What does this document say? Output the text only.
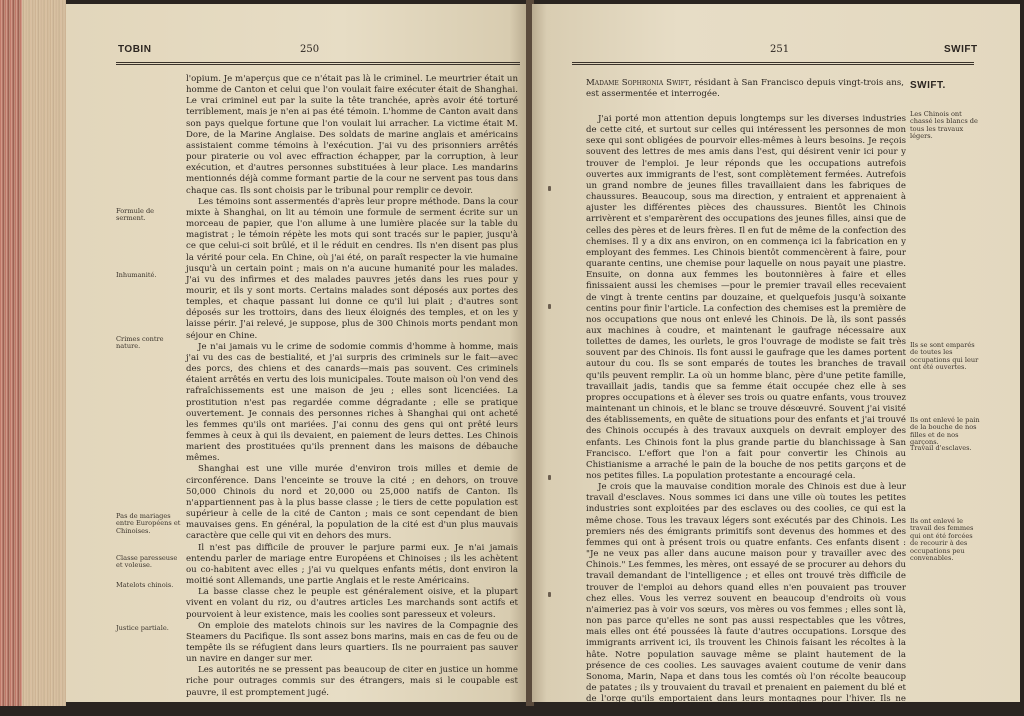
TOBIN	250

l'opium. Je m'aperçus que ce n'était pas là le criminel. Le meurtrier était un homme de Canton et celui que l'on voulait faire exécuter était de Shanghai. Le vrai criminel eut par la suite la tête tranchée, après avoir été torturé terriblement, mais je n'en ai pas été témoin. L'homme de Canton avait dans son pays quelque fortune que l'on voulait lui arracher. La victime était M. Dore, de la Marine Anglaise. Des soldats de marine anglais et américains assistaient comme témoins à l'exécution. J'ai vu des prisonniers arrêtés pour piraterie ou vol avec effraction échapper, par la corruption, à leur exécution, et d'autres personnes substituées à leur place. Les mandarins mentionnés déjà comme formant partie de la cour ne servent pas tous dans chaque cas. Ils sont choisis par le tribunal pour remplir ce devoir.

Les témoins sont assermentés d'après leur propre méthode. Dans la cour mixte à Shanghai, on lit au témoin une formule de serment écrite sur un morceau de papier, que l'on allume à une lumière placée sur la table du magistrat ; le témoin répète les mots qui sont tracés sur le papier, jusqu'à ce que celui-ci soit brûlé, et il le réduit en cendres. Ils n'en disent pas plus la vérité pour cela. En Chine, où j'ai été, on paraît respecter la vie humaine jusqu'à un certain point ; mais on n'a aucune humanité pour les malades. J'ai vu des infirmes et des malades pauvres jetés dans les rues pour y mourir, et ils y sont morts. Certains malades sont déposés aux portes des temples, et chaque passant lui donne ce qu'il lui plait ; d'autres sont déposés sur les trottoirs, dans des lieux éloignés des temples, et on les y laisse périr. J'ai relevé, je suppose, plus de 300 Chinois morts pendant mon séjour en Chine.

Je n'ai jamais vu le crime de sodomie commis d'homme à homme, mais j'ai vu des cas de bestialité, et j'ai surpris des criminels sur le fait—avec des porcs, des chiens et des canards—mais pas souvent. Ces criminels étaient arrêtés en vertu des lois municipales. Toute maison où l'on vend des rafraîchissements est une maison de jeu ; elles sont licenciées. La prostitution n'est pas regardée comme dégradante ; elle se pratique ouvertement. Je connais des personnes riches à Shanghai qui ont acheté les femmes qu'ils ont mariées. J'ai connu des gens qui ont prêté leurs femmes à ceux à qui ils devaient, en paiement de leurs dettes. Les Chinois marient des prostituées qu'ils prennent dans les maisons de débauche mêmes.

Shanghai est une ville murée d'environ trois milles et demie de circonférence. Dans l'enceinte se trouve la cité ; en dehors, on trouve 50,000 Chinois du nord et 20,000 ou 25,000 natifs de Canton. Ils n'appartiennent pas à la plus basse classe ; le tiers de cette population est supérieur à celle de la cité de Canton ; mais ce sont cependant de bien mauvaises gens. En général, la population de la cité est d'un plus mauvais caractère que celle qui vit en dehors des murs.

Il n'est pas difficile de prouver le parjure parmi eux. Je n'ai jamais entendu parler de mariage entre Européens et Chinoises ; ils les achètent ou co-habitent avec elles ; j'ai vu quelques enfants métis, dont environ la moitié sont Allemands, une partie Anglais et le reste Américains.

La basse classe chez le peuple est généralement oisive, et la plupart vivent en volant du riz, ou d'autres articles Les marchands sont actifs et pourvoient à leur existence, mais les coolies sont paresseux et voleurs.

On emploie des matelots chinois sur les navires de la Compagnie des Steamers du Pacifique. Ils sont assez bons marins, mais en cas de feu ou de tempête ils se réfugient dans leurs quartiers. Ils ne pourraient pas sauver un navire en danger sur mer.

Les autorités ne se pressent pas beaucoup de citer en justice un homme riche pour outrages commis sur des étrangers, mais si le coupable est pauvre, il est promptement jugé.

Formule de serment.
Inhumanité.
Crimes contre nature.
Pas de mariages entre Européens et Chinoises.
Classe paresseuse et voleuse.
Matelots chinois.
Justice partiale.
251	SWIFT

Madame Sophronia Swift, résidant à San Francisco depuis vingt-trois ans, est assermentée et interrogée.

SWIFT.

J'ai porté mon attention depuis longtemps sur les diverses industries de cette cité, et surtout sur celles qui intéressent les personnes de mon sexe qui sont obligées de pourvoir elles-mêmes à leurs besoins. Je reçois souvent des lettres de mes amis dans l'est, qui désirent venir ici pour y trouver de l'emploi. Je leur réponds que les occupations autrefois ouvertes aux immigrants de l'est, sont complètement fermées. Autrefois un grand nombre de jeunes filles travaillaient dans les fabriques de chaussures. Beaucoup, sous ma direction, y entraient et apprenaient à ajuster les différentes pièces des chaussures. Bientôt les Chinois arrivèrent et s'emparèrent des occupations des jeunes filles, ainsi que de celles des pères et de leurs frères. Il en fut de même de la confection des chemises. Il y a dix ans environ, on en commença ici la fabrication en y employant des femmes. Les Chinois bientôt commencèrent à faire, pour quarante centins, une chemise pour laquelle on nous payait une piastre. Ensuite, on donna aux femmes les boutonnières à faire et elles finissaient aussi les chemises —pour le premier travail elles recevaient de vingt à trente centins par douzaine, et quelquefois jusqu'à soixante centins pour finir l'article. La confection des chemises est la première de nos occupations que nous ont enlevé les Chinois. De là, ils sont passés aux machines à coudre, et maintenant le gaufrage nécessaire aux toilettes de dames, les ourlets, le gros l'ouvrage de modiste se fait très souvent par des Chinois. Ils font aussi le gaufrage que les dames portent autour du cou. Ils se sont emparés de toutes les branches de travail qu'ils peuvent remplir. La où un homme blanc, père d'une petite famille, travaillait jadis, tandis que sa femme était occupée chez elle à ses propres occupations et à élever ses trois ou quatre enfants, vous trouvez maintenant un chinois, et le blanc se trouve désœuvré. Souvent j'ai visité des établissements, en quête de situations pour des enfants et j'ai trouvé des Chinois occupés à des travaux auxquels on devrait employer des enfants. Les Chinois font la plus grande partie du blanchissage à San Francisco. L'effort que l'on a fait pour convertir les Chinois au Chistianisme a arraché le pain de la bouche de nos petits garçons et de nos petites filles. La population protestante a encouragé cela.

Je crois que la mauvaise condition morale des Chinois est due à leur travail d'esclaves. Nous sommes ici dans une ville où toutes les petites industries sont exploitées par des esclaves ou des coolies, ce qui est la même chose. Tous les travaux légers sont exécutés par des Chinois. Les premiers nés des émigrants primitifs sont devenus des hommes et des femmes qui ont à présent trois ou quatre enfants. Ces enfants disent : "Je ne veux pas aller dans aucune maison pour y travailler avec des Chinois." Les femmes, les mères, ont essayé de se procurer au dehors du travail demandant de l'intelligence ; et elles ont trouvé très difficile de trouver de l'emploi au dehors quand elles n'en pouvaient pas trouver chez elles. Vous les verrez souvent en beaucoup d'endroits où vous n'aimeriez pas à voir vos sœurs, vos mères ou vos femmes ; elles sont là, non pas parce qu'elles ne sont pas aussi respectables que les vôtres, mais elles ont été poussées là faute d'autres occupations. Lorsque des immigrants arrivent ici, ils trouvent les Chinois faisant les récoltes à la hâte. Notre population sauvage même se plaint hautement de la présence de ces coolies. Les sauvages avaient coutume de venir dans Sonoma, Marin, Napa et dans tous les comtés où l'on récolte beaucoup de patates ; ils y trouvaient du travail et prenaient en paiement du blé et de l'orge qu'ils emportaient dans leurs montagnes pour l'hiver. Ils ne peuvent plus obtenir de travail à présent.

Les Chinois ont chassé les blancs de tous les travaux légers.
Ils se sont emparés de toutes les occupations qui leur ont été ouvertes.
Ils ont enlevé le pain de la bouche de nos filles et de nos garçons.
Travail d'esclaves.
Ils ont enlevé le travail des femmes qui ont été forcées de recourir à des occupations peu convenables.
